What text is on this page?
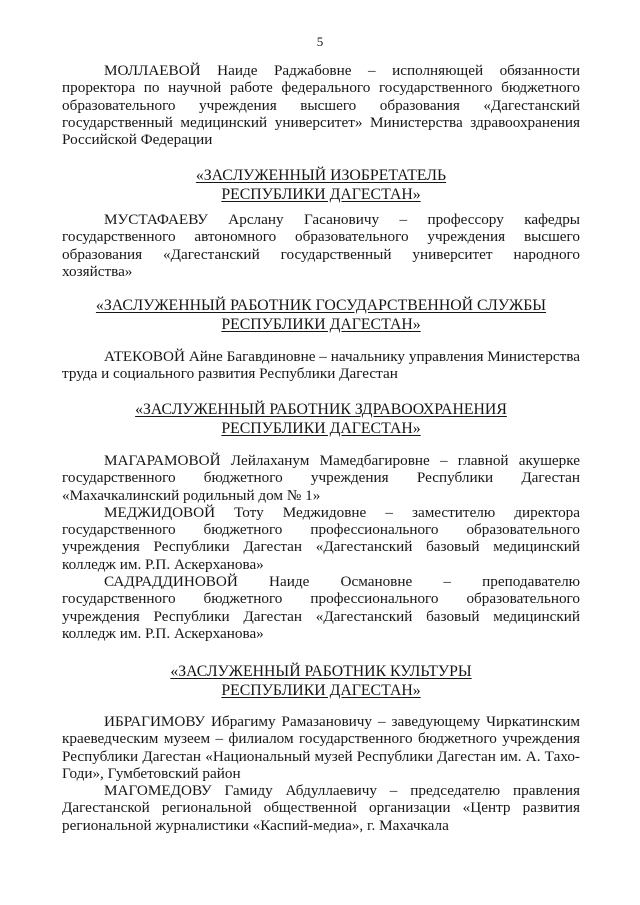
5

МОЛЛАЕВОЙ Наиде Раджабовне – исполняющей обязанности проректора по научной работе федерального государственного бюджетного образовательного учреждения высшего образования «Дагестанский государственный медицинский университет» Министерства здравоохранения Российской Федерации

«ЗАСЛУЖЕННЫЙ ИЗОБРЕТАТЕЛЬ
РЕСПУБЛИКИ ДАГЕСТАН»

МУСТАФАЕВУ Арслану Гасановичу – профессору кафедры государственного автономного образовательного учреждения высшего образования «Дагестанский государственный университет народного хозяйства»

«ЗАСЛУЖЕННЫЙ РАБОТНИК ГОСУДАРСТВЕННОЙ СЛУЖБЫ
РЕСПУБЛИКИ ДАГЕСТАН»

АТЕКОВОЙ Айне Багавдиновне – начальнику управления Министерства труда и социального развития Республики Дагестан

«ЗАСЛУЖЕННЫЙ РАБОТНИК ЗДРАВООХРАНЕНИЯ
РЕСПУБЛИКИ ДАГЕСТАН»

МАГАРАМОВОЙ Лейлаханум Мамедбагировне – главной акушерке государственного бюджетного учреждения Республики Дагестан «Махачкалинский родильный дом № 1»

МЕДЖИДОВОЙ Тоту Меджидовне – заместителю директора государственного бюджетного профессионального образовательного учреждения Республики Дагестан «Дагестанский базовый медицинский колледж им. Р.П. Аскерханова»

САДРАДДИНОВОЙ Наиде Османовне – преподавателю государственного бюджетного профессионального образовательного учреждения Республики Дагестан «Дагестанский базовый медицинский колледж им. Р.П. Аскерханова»

«ЗАСЛУЖЕННЫЙ РАБОТНИК КУЛЬТУРЫ
РЕСПУБЛИКИ ДАГЕСТАН»

ИБРАГИМОВУ Ибрагиму Рамазановичу – заведующему Чиркатинским краеведческим музеем – филиалом государственного бюджетного учреждения Республики Дагестан «Национальный музей Республики Дагестан им. А. Тахо-Годи», Гумбетовский район

МАГОМЕДОВУ Гамиду Абдуллаевичу – председателю правления Дагестанской региональной общественной организации «Центр развития региональной журналистики «Каспий-медиа», г. Махачкала
